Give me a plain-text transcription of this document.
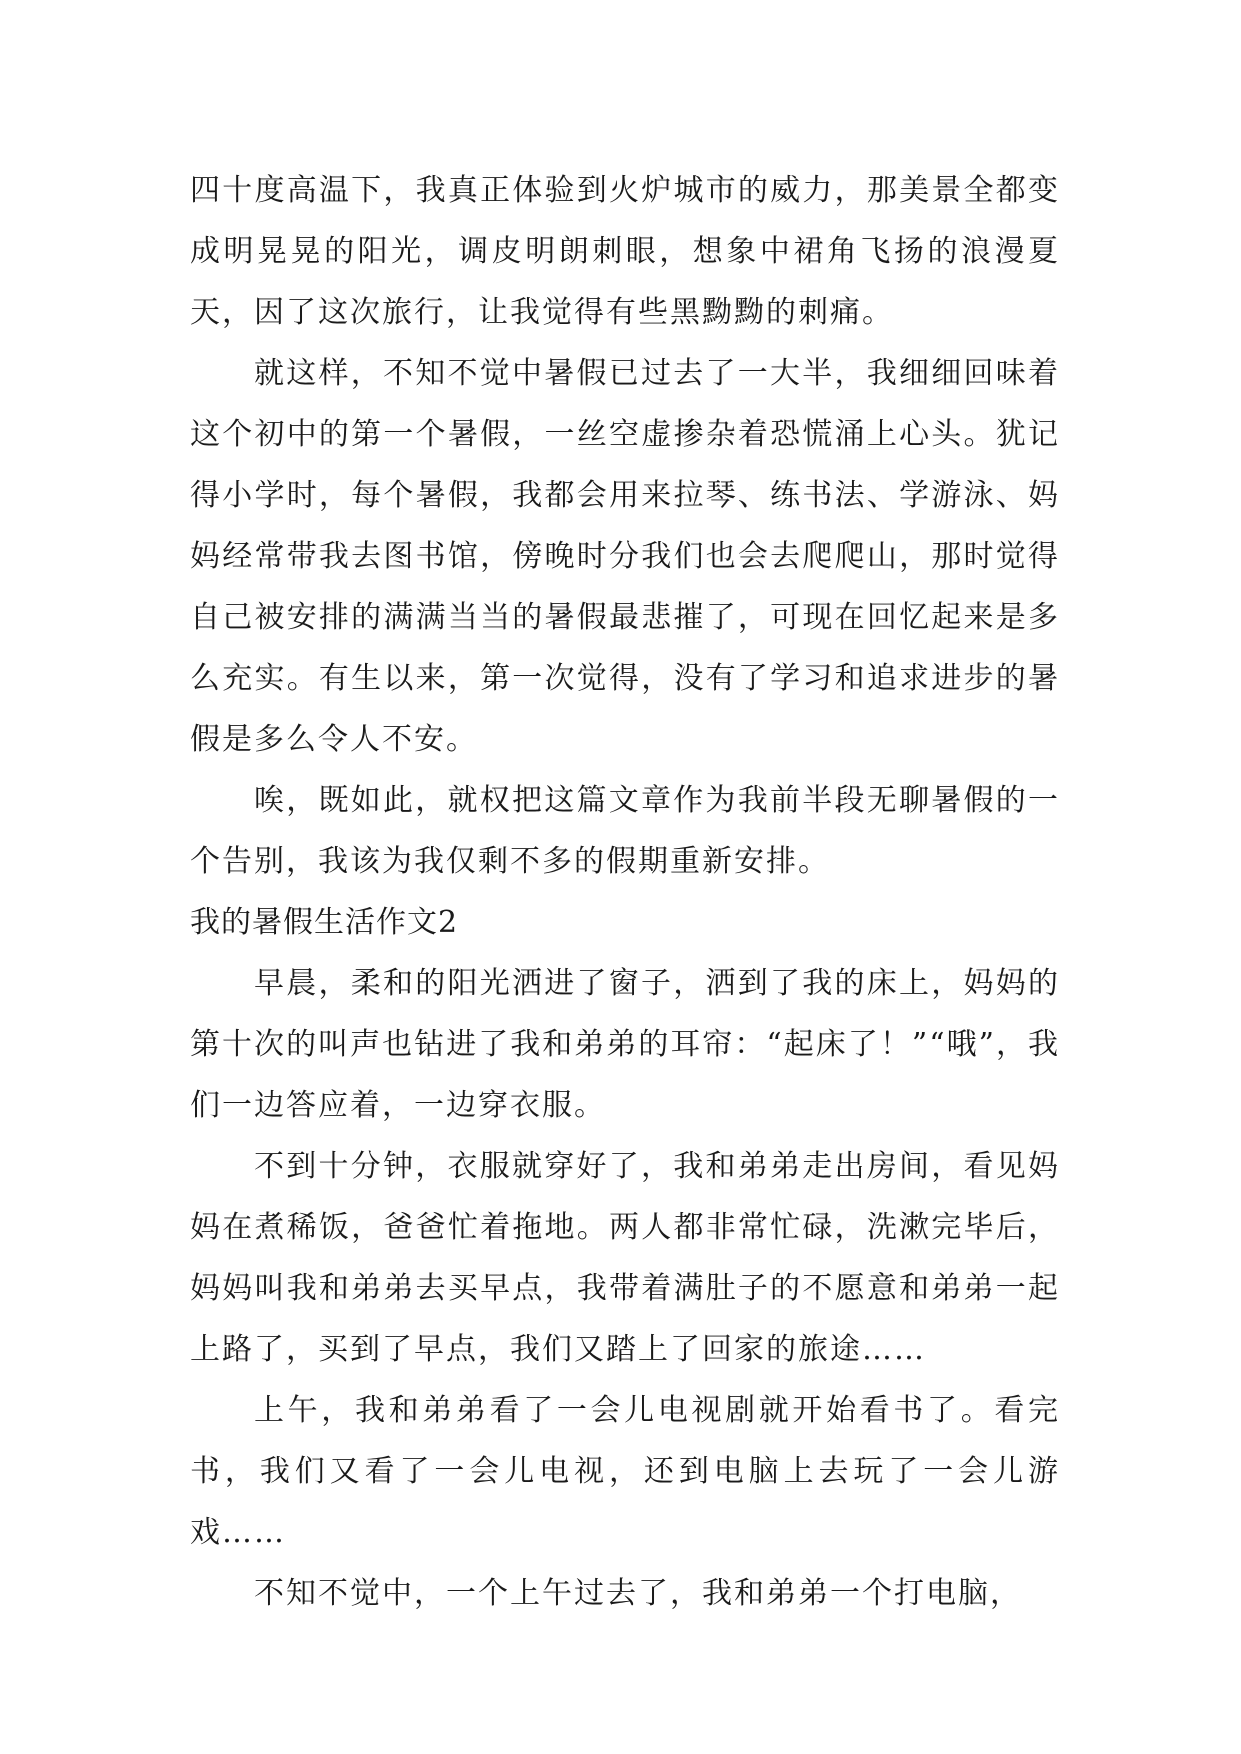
四十度高温下，我真正体验到火炉城市的威力，那美景全都变成明晃晃的阳光，调皮明朗刺眼，想象中裙角飞扬的浪漫夏天，因了这次旅行，让我觉得有些黑黝黝的刺痛。

就这样，不知不觉中暑假已过去了一大半，我细细回味着这个初中的第一个暑假，一丝空虚掺杂着恐慌涌上心头。犹记得小学时，每个暑假，我都会用来拉琴、练书法、学游泳、妈妈经常带我去图书馆，傍晚时分我们也会去爬爬山，那时觉得自己被安排的满满当当的暑假最悲摧了，可现在回忆起来是多么充实。有生以来，第一次觉得，没有了学习和追求进步的暑假是多么令人不安。

唉，既如此，就权把这篇文章作为我前半段无聊暑假的一个告别，我该为我仅剩不多的假期重新安排。

我的暑假生活作文2

早晨，柔和的阳光洒进了窗子，洒到了我的床上，妈妈的第十次的叫声也钻进了我和弟弟的耳帘：“起床了！”“哦”，我们一边答应着，一边穿衣服。

不到十分钟，衣服就穿好了，我和弟弟走出房间，看见妈妈在煮稀饭，爸爸忙着拖地。两人都非常忙碌，洗漱完毕后，妈妈叫我和弟弟去买早点，我带着满肚子的不愿意和弟弟一起上路了，买到了早点，我们又踏上了回家的旅途……

上午，我和弟弟看了一会儿电视剧就开始看书了。看完书，我们又看了一会儿电视，还到电脑上去玩了一会儿游戏……

不知不觉中，一个上午过去了，我和弟弟一个打电脑，
